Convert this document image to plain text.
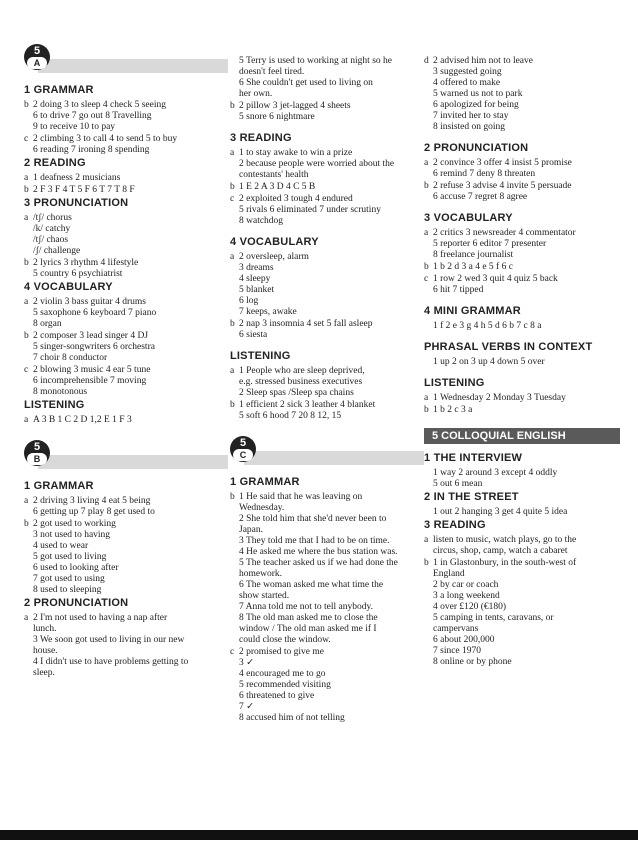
5
A
1 GRAMMAR
b 2 doing 3 to sleep 4 check 5 seeing
6 to drive 7 go out 8 Travelling
9 to receive 10 to pay
c 2 climbing 3 to call 4 to send 5 to buy
6 reading 7 ironing 8 spending
2 READING
a 1 deafness 2 musicians
b 2 F 3 F 4 T 5 F 6 T 7 T 8 F
3 PRONUNCIATION
a /tʃ/ chorus
/k/ catchy
/tʃ/ chaos
/ʃ/ challenge
b 2 lyrics 3 rhythm 4 lifestyle
5 country 6 psychiatrist
4 VOCABULARY
a 2 violin 3 bass guitar 4 drums
5 saxophone 6 keyboard 7 piano
8 organ
b 2 composer 3 lead singer 4 DJ
5 singer-songwriters 6 orchestra
7 choir 8 conductor
c 2 blowing 3 music 4 ear 5 tune
6 incomprehensible 7 moving
8 monotonous
LISTENING
a A 3 B 1 C 2 D 1,2 E 1 F 3
5
B
1 GRAMMAR
a 2 driving 3 living 4 eat 5 being
6 getting up 7 play 8 get used to
b 2 got used to working
3 not used to having
4 used to wear
5 got used to living
6 used to looking after
7 got used to using
8 used to sleeping
2 PRONUNCIATION
a 2 I'm not used to having a nap after
lunch.
3 We soon got used to living in our new
house.
4 I didn't use to have problems getting to
sleep.
5 Terry is used to working at night so he
doesn't feel tired.
6 She couldn't get used to living on
her own.
b 2 pillow 3 jet-lagged 4 sheets
5 snore 6 nightmare
3 READING
a 1 to stay awake to win a prize
2 because people were worried about the
contestants' health
b 1 E 2 A 3 D 4 C 5 B
c 2 exploited 3 tough 4 endured
5 rivals 6 eliminated 7 under scrutiny
8 watchdog
4 VOCABULARY
a 2 oversleep, alarm
3 dreams
4 sleepy
5 blanket
6 log
7 keeps, awake
b 2 nap 3 insomnia 4 set 5 fall asleep
6 siesta
LISTENING
a 1 People who are sleep deprived,
e.g. stressed business executives
2 Sleep spas /Sleep spa chains
b 1 efficient 2 sick 3 leather 4 blanket
5 soft 6 hood 7 20 8 12, 15
5
C
1 GRAMMAR
b 1 He said that he was leaving on
Wednesday.
2 She told him that she'd never been to
Japan.
3 They told me that I had to be on time.
4 He asked me where the bus station was.
5 The teacher asked us if we had done the
homework.
6 The woman asked me what time the
show started.
7 Anna told me not to tell anybody.
8 The old man asked me to close the
window / The old man asked me if I
could close the window.
c 2 promised to give me
3 ✓
4 encouraged me to go
5 recommended visiting
6 threatened to give
7 ✓
8 accused him of not telling
d 2 advised him not to leave
3 suggested going
4 offered to make
5 warned us not to park
6 apologized for being
7 invited her to stay
8 insisted on going
2 PRONUNCIATION
a 2 convince 3 offer 4 insist 5 promise
6 remind 7 deny 8 threaten
b 2 refuse 3 advise 4 invite 5 persuade
6 accuse 7 regret 8 agree
3 VOCABULARY
a 2 critics 3 newsreader 4 commentator
5 reporter 6 editor 7 presenter
8 freelance journalist
b 1 b 2 d 3 a 4 e 5 f 6 c
c 1 row 2 wed 3 quit 4 quiz 5 back
6 hit 7 tipped
4 MINI GRAMMAR
1 f 2 e 3 g 4 h 5 d 6 b 7 c 8 a
PHRASAL VERBS IN CONTEXT
1 up 2 on 3 up 4 down 5 over
LISTENING
a 1 Wednesday 2 Monday 3 Tuesday
b 1 b 2 c 3 a
5 COLLOQUIAL ENGLISH
1 THE INTERVIEW
1 way 2 around 3 except 4 oddly
5 out 6 mean
2 IN THE STREET
1 out 2 hanging 3 get 4 quite 5 idea
3 READING
a listen to music, watch plays, go to the
circus, shop, camp, watch a cabaret
b 1 in Glastonbury, in the south-west of
England
2 by car or coach
3 a long weekend
4 over £120 (€180)
5 camping in tents, caravans, or
campervans
6 about 200,000
7 since 1970
8 online or by phone
